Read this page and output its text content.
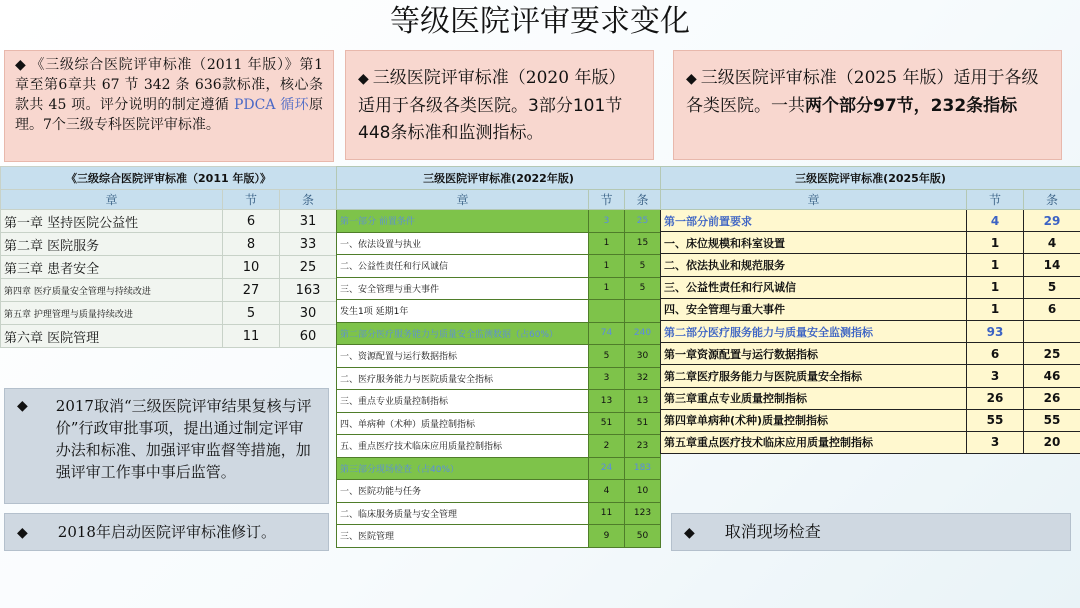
等级医院评审要求变化
◆ 《三级综合医院评审标准（2011 年版）》第1章至第6章共 67 节 342 条 636款标准，核心条款共 45 项。评分说明的制定遵循 PDCA 循环原理。7个三级专科医院评审标准。
◆ 三级医院评审标准（2020 年版）适用于各级各类医院。3部分101节448条标准和监测指标。
◆ 三级医院评审标准（2025 年版）适用于各级各类医院。一共两个部分97节，232条指标
《三级综合医院评审标准（2011 年版）》		
章	节	条
第一章 坚持医院公益性	6	31
第二章 医院服务	8	33
第三章 患者安全	10	25
第四章 医疗质量安全管理与持续改进	27	163
第五章 护理管理与质量持续改进	5	30
第六章 医院管理	11	60
三级医院评审标准(2022年版)		
章	节	条
第一部分 前置条件	3	25
一、依法设置与执业	1	15
二、公益性责任和行风诚信	1	5
三、安全管理与重大事件	1	5
发生1项 延期1年		
第二部分医疗服务能力与质量安全监测数据（占60%）	74	240
一、资源配置与运行数据指标	5	30
二、医疗服务能力与医院质量安全指标	3	32
三、重点专业质量控制指标	13	13
四、单病种（术种）质量控制指标	51	51
五、重点医疗技术临床应用质量控制指标	2	23
第三部分现场检查（占40%）	24	183
一、医院功能与任务	4	10
二、临床服务质量与安全管理	11	123
三、医院管理	9	50
三级医院评审标准(2025年版)		
章	节	条
第一部分前置要求	4	29
一、床位规模和科室设置	1	4
二、依法执业和规范服务	1	14
三、公益性责任和行风诚信	1	5
四、安全管理与重大事件	1	6
第二部分医疗服务能力与质量安全监测指标	93	
第一章资源配置与运行数据指标	6	25
第二章医疗服务能力与医院质量安全指标	3	46
第三章重点专业质量控制指标	26	26
第四章单病种(术种)质量控制指标	55	55
第五章重点医疗技术临床应用质量控制指标	3	20
◆	2017取消“三级医院评审结果复核与评价”行政审批事项，提出通过制定评审办法和标准、加强评审监督等措施，加强评审工作事中事后监管。
◆ 2018年启动医院评审标准修订。	◆ 取消现场检查
